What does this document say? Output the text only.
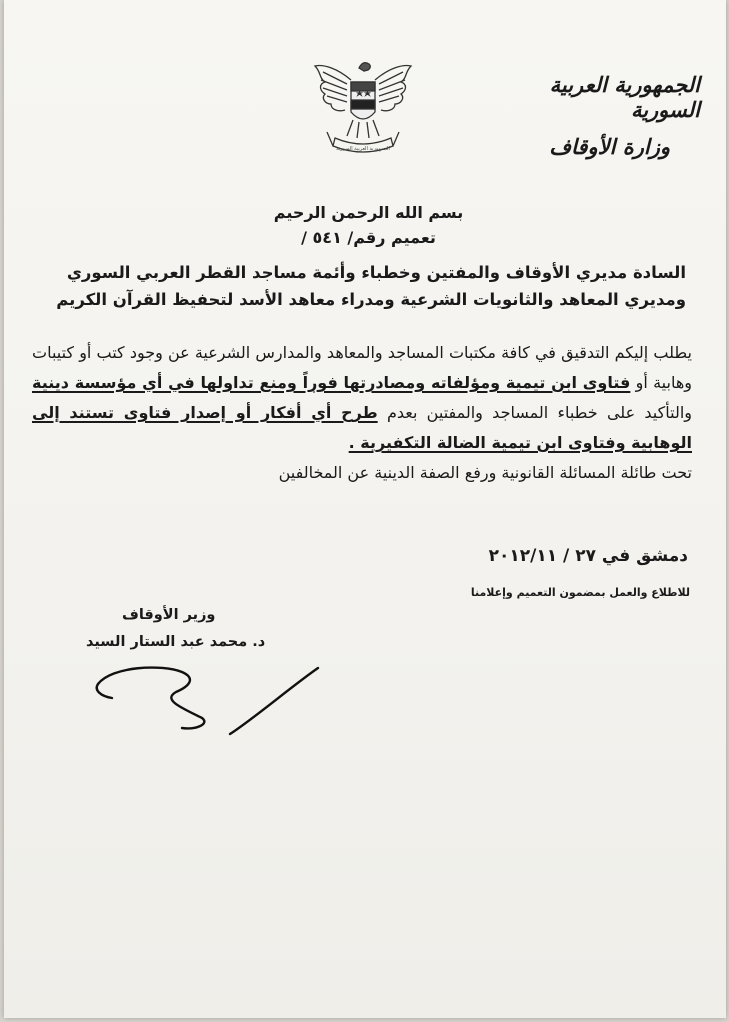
الجمهورية العربية السورية
وزارة الأوقاف
الجمهورية العربية السورية
بسم الله الرحمن الرحيم
تعميم رقم/ ٥٤١ /
السادة مديري الأوقاف والمفتين وخطباء وأئمة مساجد القطر العربي السوري
ومديري المعاهد والثانويات الشرعية ومدراء معاهد الأسد لتحفيظ القرآن الكريم

يطلب إليكم التدقيق في كافة مكتبات المساجد والمعاهد والمدارس الشرعية عن وجود كتب أو كتيبات وهابية أو فتاوى ابن تيمية ومؤلفاته ومصادرتها فوراً ومنع تداولها في أي مؤسسة دينية والتأكيد على خطباء المساجد والمفتين بعدم طرح أي أفكار أو إصدار فتاوى تستند إلى الوهابية وفتاوى ابن تيمية الضالة التكفيرية .

تحت طائلة المسائلة القانونية ورفع الصفة الدينية عن المخالفين

دمشق في ٢٧ / ٢٠١٢/١١
للاطلاع والعمل بمضمون التعميم وإعلامنا
وزير الأوقاف
د. محمد عبد الستار السيد
